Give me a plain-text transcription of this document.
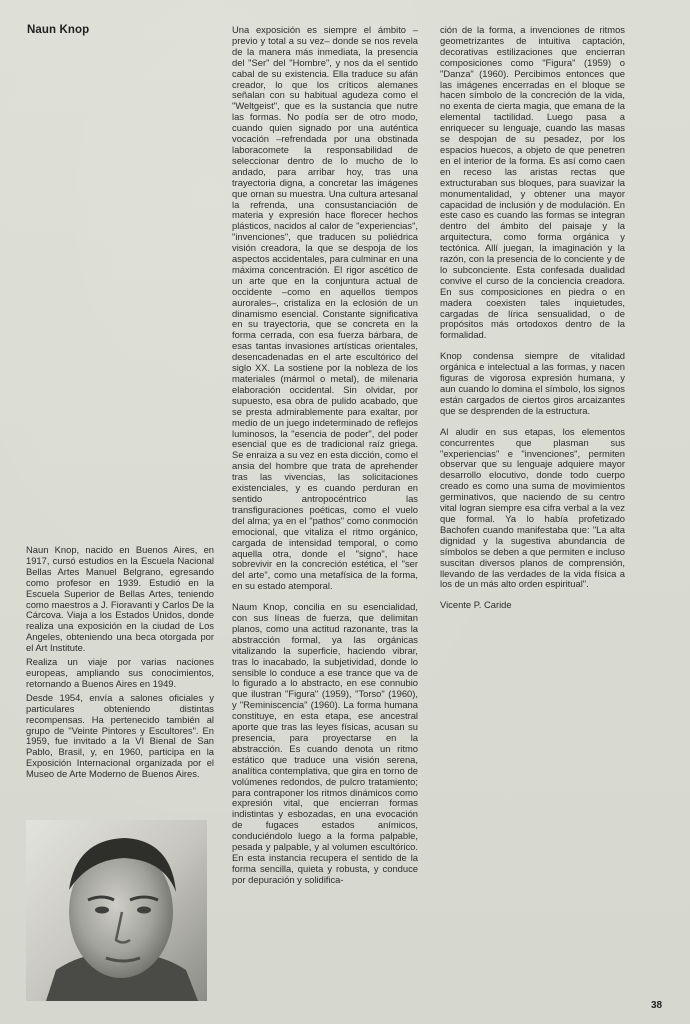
Naun Knop

Naun Knop, nacido en Buenos Aires, en 1917, cursó estudios en la Escuela Nacional Bellas Artes Manuel Belgrano, egresando como profesor en 1939. Estudió en la Escuela Superior de Bellas Artes, teniendo como maestros a J. Fioravanti y Carlos De la Cárcova. Viaja a los Estados Unidos, donde realiza una exposición en la ciudad de Los Angeles, obteniendo una beca otorgada por el Art Institute.

Realiza un viaje por varias naciones europeas, ampliando sus conocimientos, retornando a Buenos Aires en 1949.

Desde 1954, envía a salones oficiales y particulares obteniendo distintas recompensas. Ha pertenecido también al grupo de "Veinte Pintores y Escultores". En 1959, fue invitado a la VI Bienal de San Pablo, Brasil, y, en 1960, participa en la Exposición Internacional organizada por el Museo de Arte Moderno de Buenos Aires.

Una exposición es siempre el ámbito –previo y total a su vez– donde se nos revela de la manera más inmediata, la presencia del "Ser" del "Hombre", y nos da el sentido cabal de su existencia. Ella traduce su afán creador, lo que los críticos alemanes señalan con su habitual agudeza como el "Weltgeist", que es la sustancia que nutre las formas. No podía ser de otro modo, cuando quien signado por una auténtica vocación –refrendada por una obstinada laboracomete la responsabilidad de seleccionar dentro de lo mucho de lo andado, para arribar hoy, tras una trayectoria digna, a concretar las imágenes que ornan su muestra. Una cultura artesanal la refrenda, una consustanciación de materia y expresión hace florecer hechos plásticos, nacidos al calor de "experiencias", "invenciones", que traducen su poliédrica visión creadora, la que se despoja de los aspectos accidentales, para culminar en una máxima concentración. El rigor ascético de un arte que en la conjuntura actual de occidente –como en aquellos tiempos aurorales–, cristaliza en la eclosión de un dinamismo esencial. Constante significativa en su trayectoria, que se concreta en la forma cerrada, con esa fuerza bárbara, de esas tantas invasiones artísticas orientales, desencadenadas en el arte escultórico del siglo XX. La sostiene por la nobleza de los materiales (mármol o metal), de milenaria elaboración occidental. Sin olvidar, por supuesto, esa obra de pulido acabado, que se presta admirablemente para exaltar, por medio de un juego indeterminado de reflejos luminosos, la "esencia de poder", del poder esencial que es de tradicional raíz griega. Se enraiza a su vez en esta dicción, como el ansia del hombre que trata de aprehender tras las vivencias, las solicitaciones existenciales, y es cuando perduran en sentido antropocéntrico las transfiguraciones poéticas, como el vuelo del alma; ya en el "pathos" como conmoción emocional, que vitaliza el ritmo orgánico, cargada de intensidad temporal, o como aquella otra, donde el "signo", hace sobrevivir en la concreción estética, el "ser del arte", como una metafísica de la forma, en su estado atemporal.

Naum Knop, concilia en su esencialidad, con sus líneas de fuerza, que delimitan planos, como una actitud razonante, tras la abstracción formal, ya las orgánicas vitalizando la superficie, haciendo vibrar, tras lo inacabado, la subjetividad, donde lo sensible lo conduce a ese trance que va de lo figurado a lo abstracto, en ese connubio que ilustran "Figura" (1959), "Torso" (1960), y "Reminiscencia" (1960). La forma humana constituye, en esta etapa, ese ancestral aporte que tras las leyes físicas, acusan su presencia, para proyectarse en la abstracción. Es cuando denota un ritmo estático que traduce una visión serena, analítica contemplativa, que gira en torno de volúmenes redondos, de pulcro tratamiento; para contraponer los ritmos dinámicos como expresión vital, que encierran formas indistintas y esbozadas, en una evocación de fugaces estados anímicos, conduciéndolo luego a la forma palpable, pesada y palpable, y al volumen escultórico. En esta instancia recupera el sentido de la forma sencilla, quieta y robusta, y conduce por depuración y solidifica-

ción de la forma, a invenciones de ritmos geometrizantes de intuitiva captación, decorativas estilizaciones que encierran composiciones como "Figura" (1959) o "Danza" (1960). Percibimos entonces que las imágenes encerradas en el bloque se hacen símbolo de la concreción de la vida, no exenta de cierta magia, que emana de la elemental tactilidad. Luego pasa a enriquecer su lenguaje, cuando las masas se despojan de su pesadez, por los espacios huecos, a objeto de que penetren en el interior de la forma. Es así como caen en receso las aristas rectas que extructuraban sus bloques, para suavizar la monumentalidad, y obtener una mayor capacidad de inclusión y de modulación. En este caso es cuando las formas se integran dentro del ámbito del paisaje y la arquitectura, como forma orgánica y tectónica. Allí juegan, la imaginación y la razón, con la presencia de lo conciente y de lo subconciente. Esta confesada dualidad convive el curso de la conciencia creadora. En sus composiciones en piedra o en madera coexisten tales inquietudes, cargadas de lírica sensualidad, o de propósitos más ortodoxos dentro de la formalidad.

Knop condensa siempre de vitalidad orgánica e intelectual a las formas, y nacen figuras de vigorosa expresión humana, y aun cuando lo domina el símbolo, los signos están cargados de ciertos giros arcaizantes que se desprenden de la estructura.

Al aludir en sus etapas, los elementos concurrentes que plasman sus "experiencias" e "invenciones", permiten observar que su lenguaje adquiere mayor desarrollo elocutivo, donde todo cuerpo creado es como una suma de movimientos germinativos, que naciendo de su centro vital logran siempre esa cifra verbal a la vez que formal. Ya lo había profetizado Bachofen cuando manifestaba que: "La alta dignidad y la sugestiva abundancia de símbolos se deben a que permiten e incluso suscitan diversos planos de comprensión, llevando de las verdades de la vida física a los de un más alto orden espiritual".

Vicente P. Caride

38
